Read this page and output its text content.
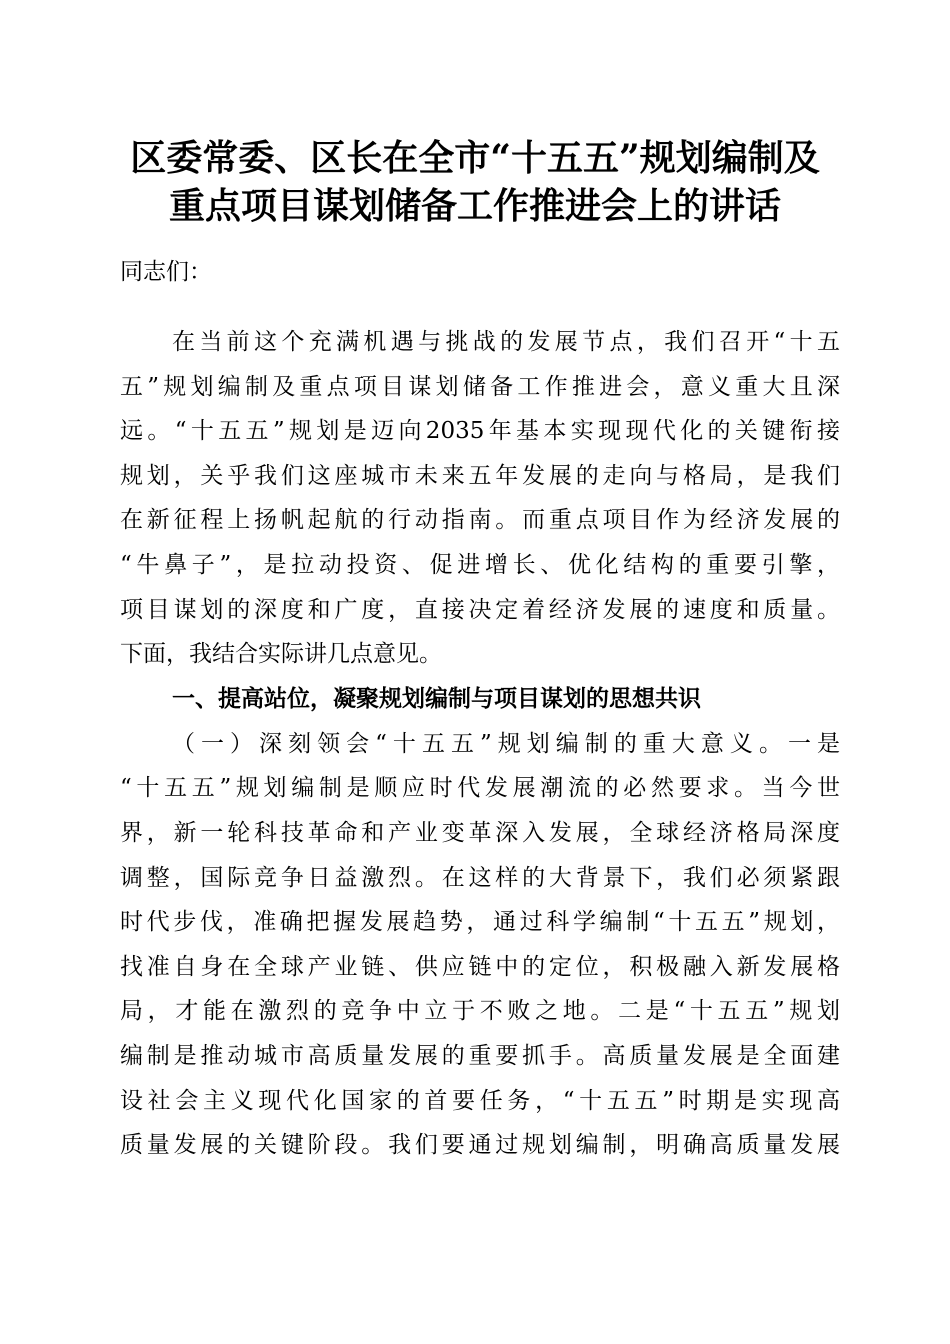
区委常委、区长在全市“十五五”规划编制及
重点项目谋划储备工作推进会上的讲话
同志们：
在当前这个充满机遇与挑战的发展节点，我们召开“十五
五”规划编制及重点项目谋划储备工作推进会，意义重大且深
远。“十五五”规划是迈向2035年基本实现现代化的关键衔接
规划，关乎我们这座城市未来五年发展的走向与格局，是我们
在新征程上扬帆起航的行动指南。而重点项目作为经济发展的
“牛鼻子”，是拉动投资、促进增长、优化结构的重要引擎，
项目谋划的深度和广度，直接决定着经济发展的速度和质量。
下面，我结合实际讲几点意见。
一、提高站位，凝聚规划编制与项目谋划的思想共识
（一）深刻领会“十五五”规划编制的重大意义。一是
“十五五”规划编制是顺应时代发展潮流的必然要求。当今世
界，新一轮科技革命和产业变革深入发展，全球经济格局深度
调整，国际竞争日益激烈。在这样的大背景下，我们必须紧跟
时代步伐，准确把握发展趋势，通过科学编制“十五五”规划，
找准自身在全球产业链、供应链中的定位，积极融入新发展格
局，才能在激烈的竞争中立于不败之地。二是“十五五”规划
编制是推动城市高质量发展的重要抓手。高质量发展是全面建
设社会主义现代化国家的首要任务，“十五五”时期是实现高
质量发展的关键阶段。我们要通过规划编制，明确高质量发展
